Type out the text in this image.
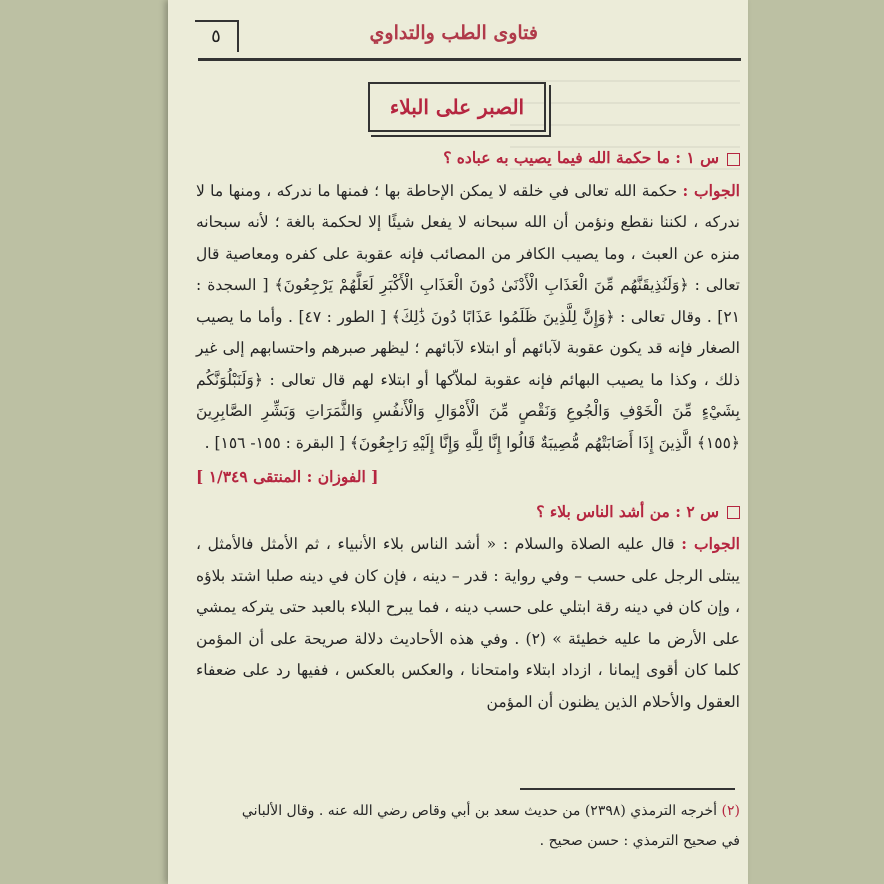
فتاوى الطب والتداوي
٥
الصبر على البلاء
س ١ : ما حكمة الله فيما يصيب به عباده ؟

الجواب : حكمة الله تعالى في خلقه لا يمكن الإحاطة بها ؛ فمنها ما ندركه ، ومنها ما لا ندركه ، لكننا نقطع ونؤمن أن الله سبحانه لا يفعل شيئًا إلا لحكمة بالغة ؛ لأنه سبحانه منزه عن العبث ، وما يصيب الكافر من المصائب فإنه عقوبة على كفره ومعاصية قال تعالى : ﴿وَلَنُذِيقَنَّهُم مِّنَ الْعَذَابِ الْأَدْنَىٰ دُونَ الْعَذَابِ الْأَكْبَرِ لَعَلَّهُمْ يَرْجِعُونَ﴾ [ السجدة : ٢١] . وقال تعالى : ﴿وَإِنَّ لِلَّذِينَ ظَلَمُوا عَذَابًا دُونَ ذَٰلِكَ﴾ [ الطور : ٤٧] . وأما ما يصيب الصغار فإنه قد يكون عقوبة لآبائهم أو ابتلاء لآبائهم ؛ ليظهر صبرهم واحتسابهم إلى غير ذلك ، وكذا ما يصيب البهائم فإنه عقوبة لملاّكها أو ابتلاء لهم قال تعالى : ﴿وَلَنَبْلُوَنَّكُم بِشَيْءٍ مِّنَ الْخَوْفِ وَالْجُوعِ وَنَقْصٍ مِّنَ الْأَمْوَالِ وَالْأَنفُسِ وَالثَّمَرَاتِ وَبَشِّرِ الصَّابِرِينَ ﴿١٥٥﴾ الَّذِينَ إِذَا أَصَابَتْهُم مُّصِيبَةٌ قَالُوا إِنَّا لِلَّهِ وَإِنَّا إِلَيْهِ رَاجِعُونَ﴾ [ البقرة : ١٥٥- ١٥٦] .

[ الفوزان : المنتقى ١/٣٤٩ ]
س ٢ : من أشد الناس بلاء ؟

الجواب : قال عليه الصلاة والسلام : « أشد الناس بلاء الأنبياء ، ثم الأمثل فالأمثل ، يبتلى الرجل على حسب – وفي رواية : قدر – دينه ، فإن كان في دينه صلبا اشتد بلاؤه ، وإن كان في دينه رقة ابتلي على حسب دينه ، فما يبرح البلاء بالعبد حتى يتركه يمشي على الأرض ما عليه خطيئة » (٢) . وفي هذه الأحاديث دلالة صريحة على أن المؤمن كلما كان أقوى إيمانا ، ازداد ابتلاء وامتحانا ، والعكس بالعكس ، ففيها رد على ضعفاء العقول والأحلام الذين يظنون أن المؤمن

(٢) أخرجه الترمذي (٢٣٩٨) من حديث سعد بن أبي وقاص رضي الله عنه . وقال الألباني
في صحيح الترمذي : حسن صحيح .
